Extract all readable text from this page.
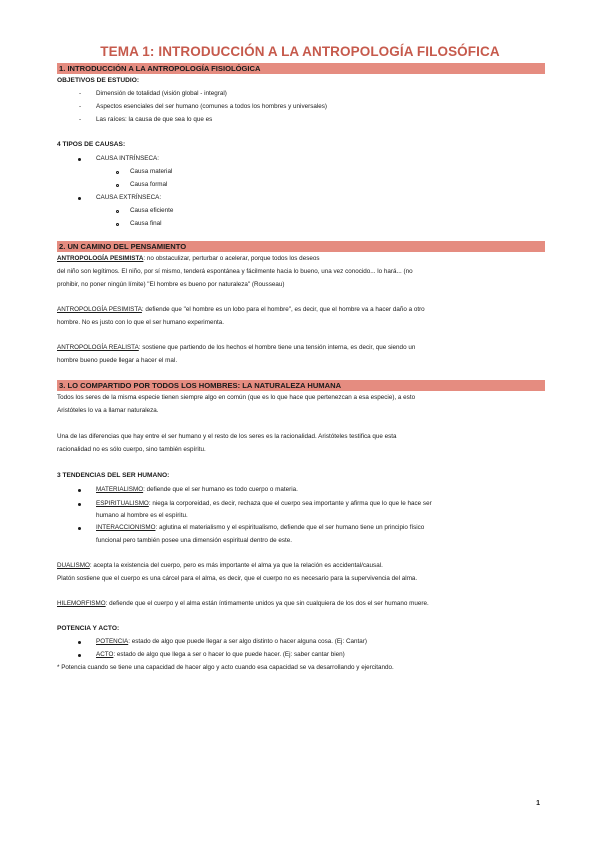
TEMA 1: INTRODUCCIÓN A LA ANTROPOLOGÍA FILOSÓFICA
1. INTRODUCCIÓN A LA ANTROPOLOGÍA FISIOLÓGICA
OBJETIVOS DE ESTUDIO:
- Dimensión de totalidad (visión global - integral)
- Aspectos esenciales del ser humano (comunes a todos los hombres y universales)
- Las raíces: la causa de que sea lo que es
4 TIPOS DE CAUSAS:
CAUSA INTRÍNSECA:
Causa material
Causa formal
CAUSA EXTRÍNSECA:
Causa eficiente
Causa final
2. UN CAMINO DEL PENSAMIENTO
ANTROPOLOGÍA PESIMISTA: no obstaculizar, perturbar o acelerar, porque todos los deseos
del niño son legítimos. El niño, por sí mismo, tenderá espontánea y fácilmente hacia lo bueno, una vez conocido... lo hará... (no
prohibir, no poner ningún límite) "El hombre es bueno por naturaleza" (Rousseau)
ANTROPOLOGÍA PESIMISTA: defiende que "el hombre es un lobo para el hombre", es decir, que el hombre va a hacer daño a otro
hombre. No es justo con lo que el ser humano experimenta.
ANTROPOLOGÍA REALISTA: sostiene que partiendo de los hechos el hombre tiene una tensión interna, es decir, que siendo un
hombre bueno puede llegar a hacer el mal.
3. LO COMPARTIDO POR TODOS LOS HOMBRES: LA NATURALEZA HUMANA
Todos los seres de la misma especie tienen siempre algo en común (que es lo que hace que pertenezcan a esa especie), a esto
Aristóteles lo va a llamar naturaleza.
Una de las diferencias que hay entre el ser humano y el resto de los seres es la racionalidad. Aristóteles testifica que esta
racionalidad no es sólo cuerpo, sino también espíritu.
3 TENDENCIAS DEL SER HUMANO:
MATERIALISMO: defiende que el ser humano es todo cuerpo o materia.
ESPIRITUALISMO: niega la corporeidad, es decir, rechaza que el cuerpo sea importante y afirma que lo que le hace ser
humano al hombre es el espíritu.
INTERACCIONISMO: aglutina el materialismo y el espiritualismo, defiende que el ser humano tiene un principio físico
funcional pero también posee una dimensión espiritual dentro de este.
DUALISMO: acepta la existencia del cuerpo, pero es más importante el alma ya que la relación es accidental/causal.
Platón sostiene que el cuerpo es una cárcel para el alma, es decir, que el cuerpo no es necesario para la supervivencia del alma.
HILEMORFISMO: defiende que el cuerpo y el alma están íntimamente unidos ya que sin cualquiera de los dos el ser humano muere.
POTENCIA Y ACTO:
POTENCIA: estado de algo que puede llegar a ser algo distinto o hacer alguna cosa. (Ej: Cantar)
ACTO: estado de algo que llega a ser o hacer lo que puede hacer. (Ej: saber cantar bien)
* Potencia cuando se tiene una capacidad de hacer algo y acto cuando esa capacidad se va desarrollando y ejercitando.
1
